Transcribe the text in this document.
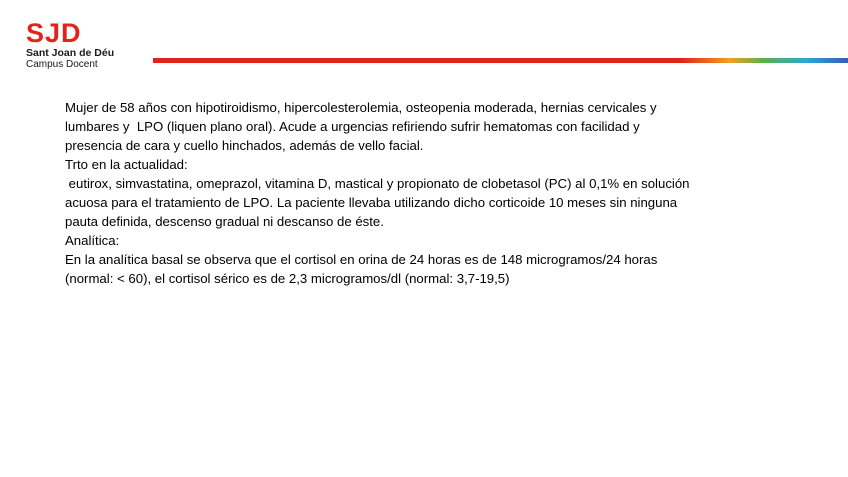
SJD
Sant Joan de Déu
Campus Docent

Mujer de 58 años con hipotiroidismo, hipercolesterolemia, osteopenia moderada, hernias cervicales y

lumbares y  LPO (liquen plano oral). Acude a urgencias refiriendo sufrir hematomas con facilidad y

presencia de cara y cuello hinchados, además de vello facial.

Trto en la actualidad:

eutirox, simvastatina, omeprazol, vitamina D, mastical y propionato de clobetasol (PC) al 0,1% en solución

acuosa para el tratamiento de LPO. La paciente llevaba utilizando dicho corticoide 10 meses sin ninguna

pauta definida, descenso gradual ni descanso de éste.

Analítica:

En la analítica basal se observa que el cortisol en orina de 24 horas es de 148 microgramos/24 horas

(normal: < 60), el cortisol sérico es de 2,3 microgramos/dl (normal: 3,7-19,5)
